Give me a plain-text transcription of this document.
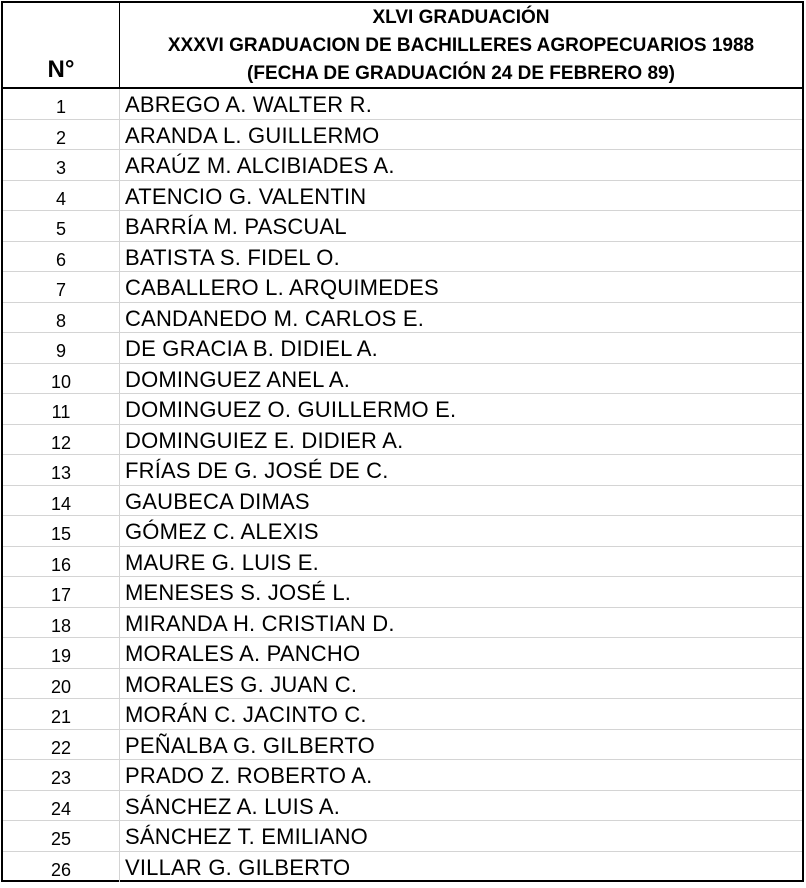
N°
XLVI GRADUACIÓN
XXXVI GRADUACION DE BACHILLERES AGROPECUARIOS 1988
(FECHA DE GRADUACIÓN 24 DE FEBRERO 89)
1	ABREGO A. WALTER R.
2	ARANDA L. GUILLERMO
3	ARAÚZ M. ALCIBIADES A.
4	ATENCIO G. VALENTIN
5	BARRÍA M. PASCUAL
6	BATISTA S. FIDEL O.
7	CABALLERO L. ARQUIMEDES
8	CANDANEDO M. CARLOS E.
9	DE GRACIA B. DIDIEL A.
10	DOMINGUEZ ANEL A.
11	DOMINGUEZ O. GUILLERMO E.
12	DOMINGUIEZ E. DIDIER A.
13	FRÍAS DE G. JOSÉ DE C.
14	GAUBECA DIMAS
15	GÓMEZ C. ALEXIS
16	MAURE G. LUIS E.
17	MENESES S. JOSÉ L.
18	MIRANDA H. CRISTIAN D.
19	MORALES A. PANCHO
20	MORALES G. JUAN C.
21	MORÁN C. JACINTO C.
22	PEÑALBA G. GILBERTO
23	PRADO Z. ROBERTO A.
24	SÁNCHEZ A. LUIS A.
25	SÁNCHEZ T. EMILIANO
26	VILLAR G. GILBERTO
